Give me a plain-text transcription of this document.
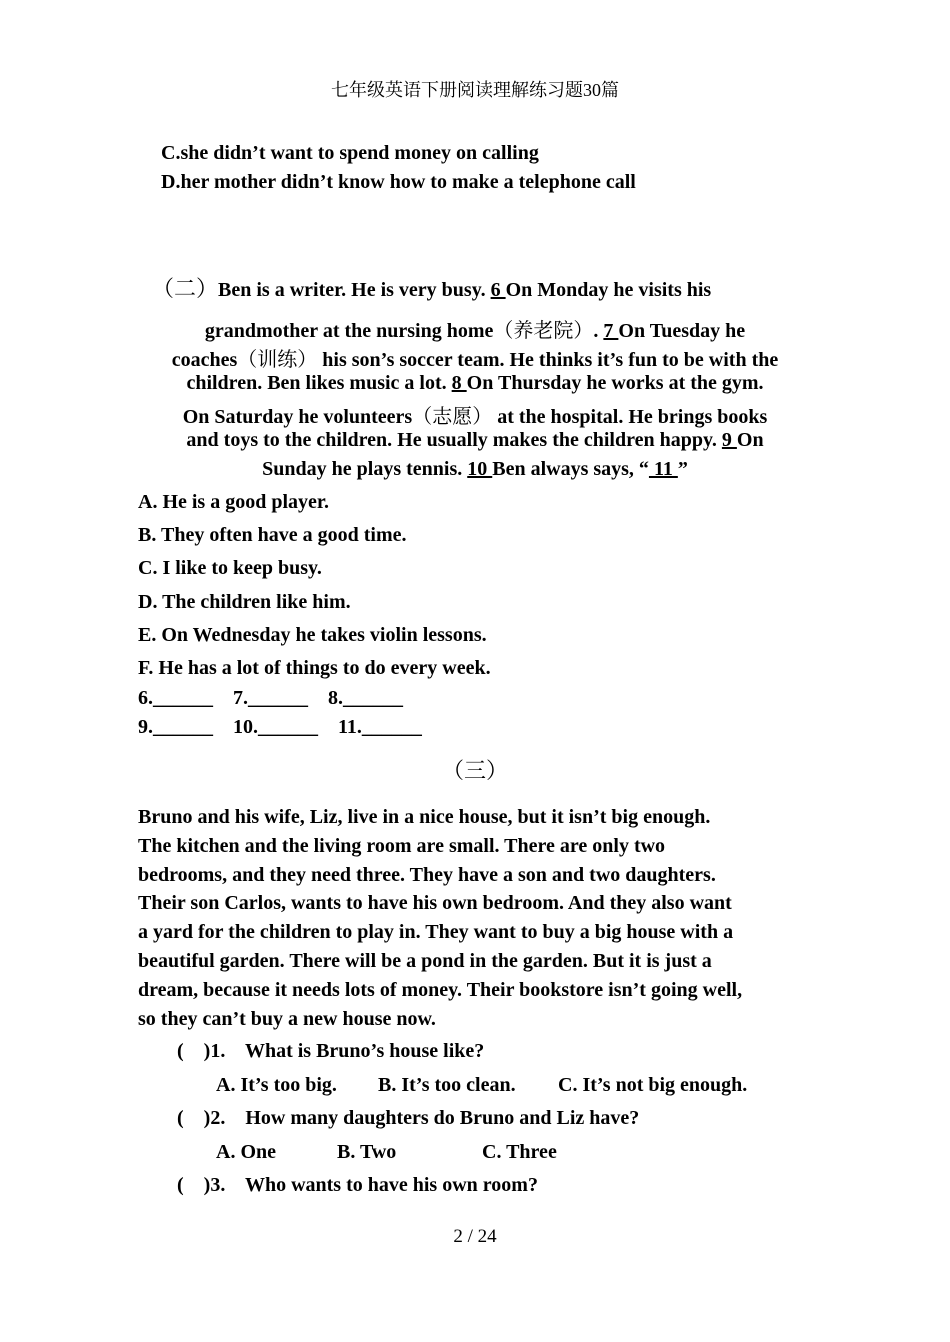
七年级英语下册阅读理解练习题30篇
C.she didn’t want to spend money on calling
D.her mother didn’t know how to make a telephone call
（二）Ben is a writer. He is very busy. 6 On Monday he visits his
grandmother at the nursing home（养老院）. 7 On Tuesday he
coaches（训练） his son’s soccer team. He thinks it’s fun to be with the
children. Ben likes music a lot. 8 On Thursday he works at the gym.
On Saturday he volunteers（志愿） at the hospital. He brings books
and toys to the children. He usually makes the children happy. 9 On
Sunday he plays tennis. 10 Ben always says, “ 11 ”
A. He is a good player.
B. They often have a good time.
C. I like to keep busy.
D. The children like him.
E. On Wednesday he takes violin lessons.
F. He has a lot of things to do every week.
6.______    7.______    8.______
9.______    10.______    11.______
（三）
Bruno and his wife, Liz, live in a nice house, but it isn’t big enough.
The kitchen and the living room are small. There are only two
bedrooms, and they need three. They have a son and two daughters.
Their son Carlos, wants to have his own bedroom. And they also want
a yard for the children to play in. They want to buy a big house with a
beautiful garden. There will be a pond in the garden. But it is just a
dream, because it needs lots of money. Their bookstore isn’t going well,
so they can’t buy a new house now.
(    )1.    What is Bruno’s house like?
A. It’s too big. B. It’s too clean. C. It’s not big enough.
(    )2.    How many daughters do Bruno and Liz have?
A. One	B. Two	C. Three
(    )3.    Who wants to have his own room?
2 / 24
